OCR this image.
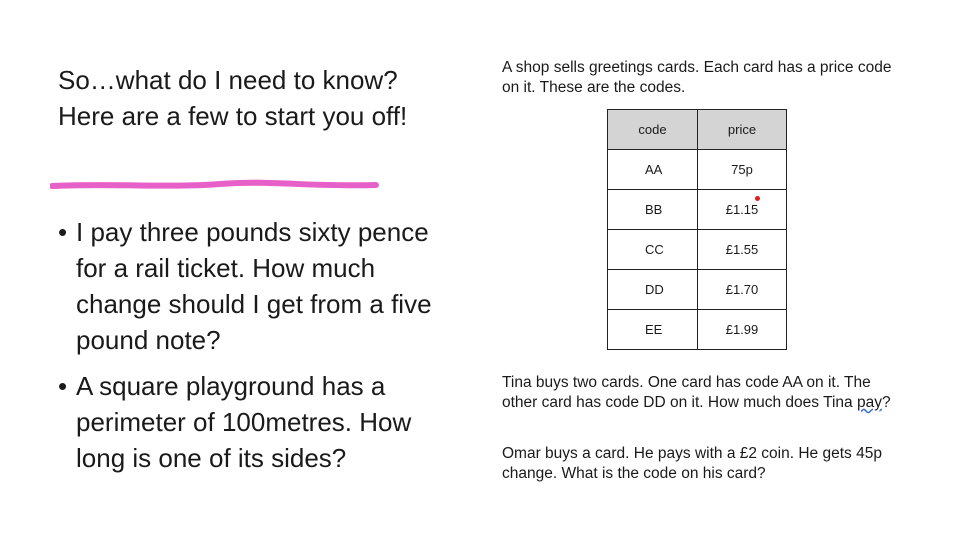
So…what do I need to know? Here are a few to start you off!
• I pay three pounds sixty pence for a rail ticket. How much change should I get from a five pound note?
• A square playground has a perimeter of 100metres. How long is one of its sides?

A shop sells greetings cards. Each card has a price code on it. These are the codes.

code	price
AA	75p
BB	£1.15
CC	£1.55
DD	£1.70
EE	£1.99

Tina buys two cards. One card has code AA on it. The other card has code DD on it. How much does Tina pay?

Omar buys a card. He pays with a £2 coin. He gets 45p change. What is the code on his card?
